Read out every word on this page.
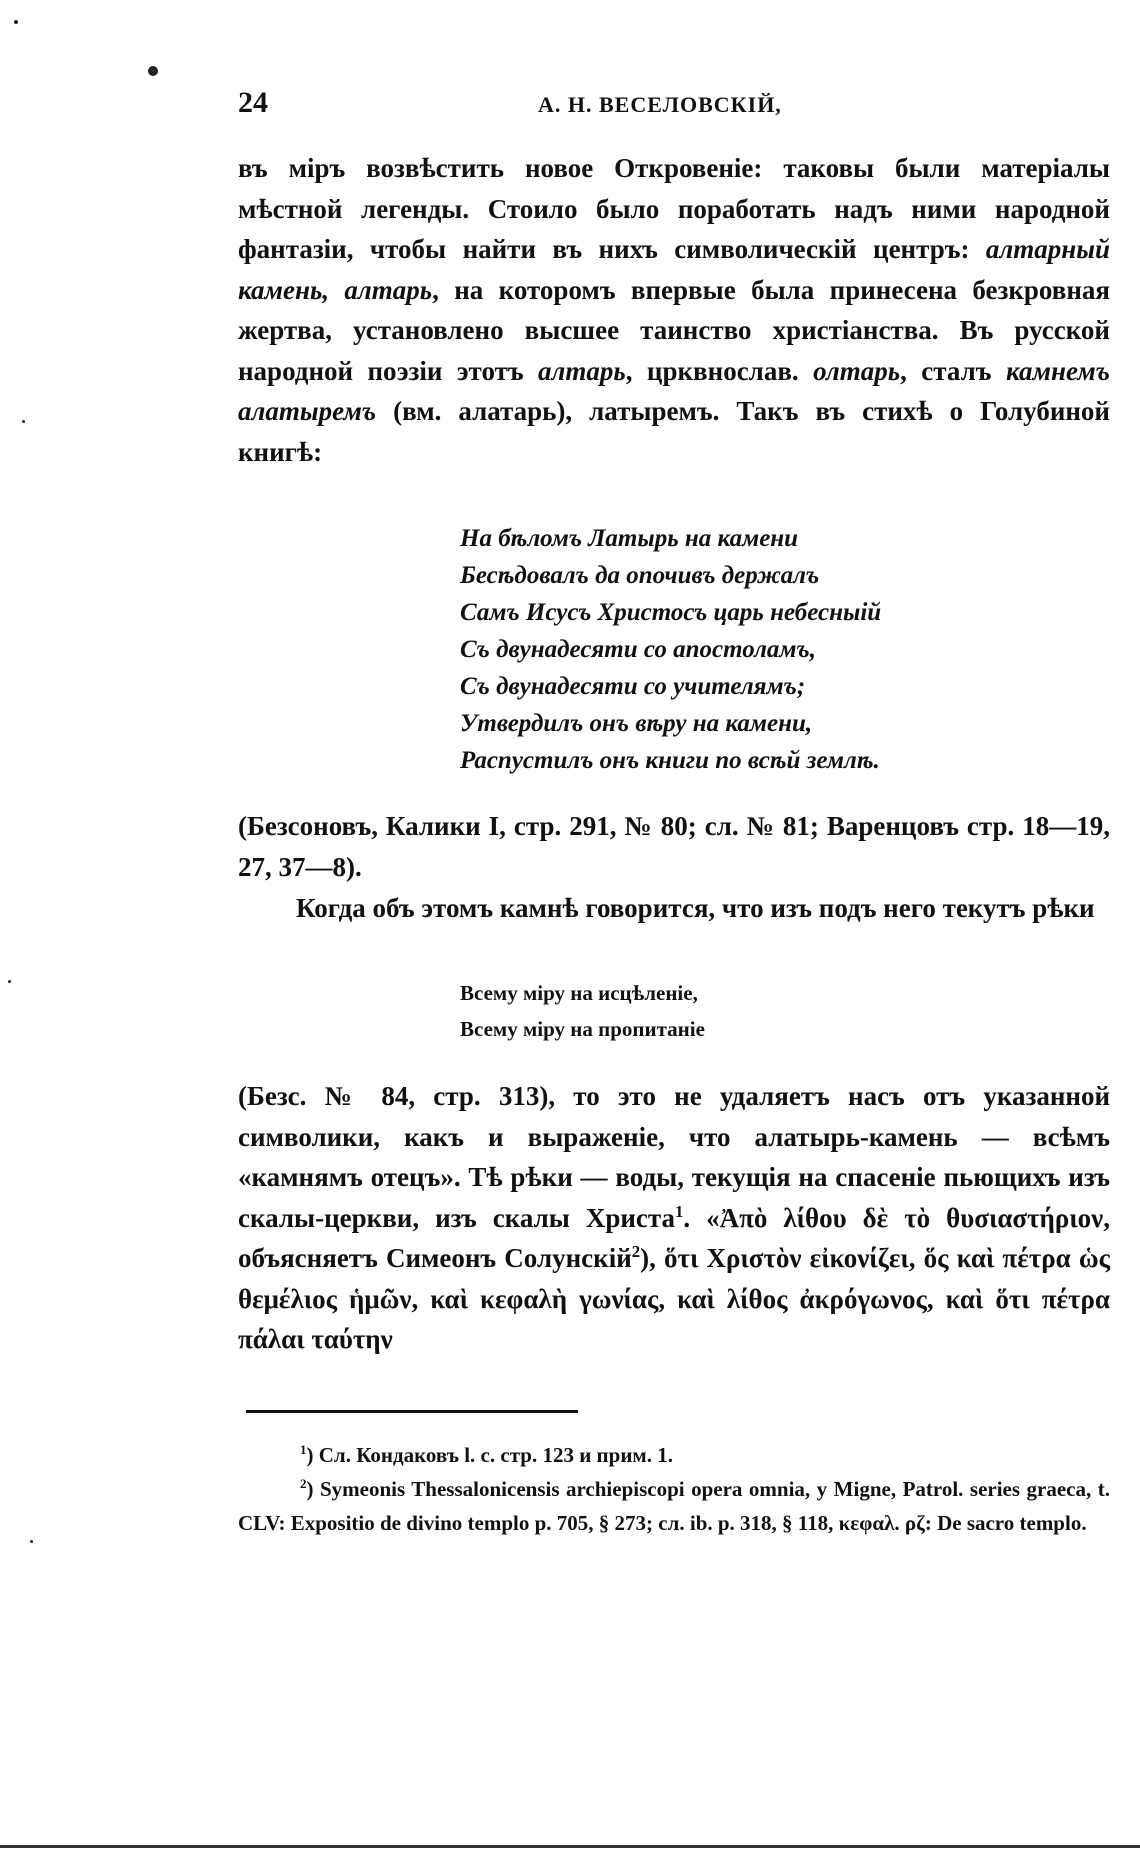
24	А. Н. ВЕСЕЛОВСКІЙ,

въ міръ возвѣстить новое Откровеніе: таковы были матеріалы мѣстной легенды. Стоило было поработать надъ ними народной фантазіи, чтобы найти въ нихъ символическій центръ: алтарный камень, алтарь, на которомъ впервые была принесена безкровная жертва, установлено высшее таинство христіанства. Въ русской народной поэзіи этотъ алтарь, црквнослав. олтарь, сталъ камнемъ алатыремъ (вм. алатарь), латыремъ. Такъ въ стихѣ о Голубиной книгѣ:

На бѣломъ Латырь на камени
Бесѣдовалъ да опочивъ держалъ
Самъ Исусъ Христосъ царь небесныій
Съ двунадесяти со апостоламъ,
Съ двунадесяти со учителямъ;
Утвердилъ онъ вѣру на камени,
Распустилъ онъ книги по всѣй землѣ.

(Безсоновъ, Калики I, стр. 291, № 80; сл. № 81; Варенцовъ стр. 18—19, 27, 37—8).

Когда объ этомъ камнѣ говорится, что изъ подъ него текутъ рѣки

Всему міру на исцѣленіе,
Всему міру на пропитаніе

(Безс. № 84, стр. 313), то это не удаляетъ насъ отъ указанной символики, какъ и выраженіе, что алатырь-камень — всѣмъ «камнямъ отецъ». Тѣ рѣки — воды, текущія на спасеніе пьющихъ изъ скалы-церкви, изъ скалы Христа$^1$. «Ἀπὸ λίθου δὲ τὸ θυσιαστήριον, объясняетъ Симеонъ Солунскій$^2$), ὅτι Χριστὸν εἰκονίζει, ὅς καὶ πέτρα ὡς θεμέλιος ἡμῶν, καὶ κεφαλὴ γωνίας, καὶ λίθος ἀκρόγωνος, καὶ ὅτι πέτρα πάλαι ταύτην

$^1$) Сл. Кондаковъ l. c. стр. 123 и прим. 1.

$^2$) Symeonis Thessalonicensis archiepiscopi opera omnia, y Migne, Patrol. series graeca, t. CLV: Expositio de divino templo p. 705, § 273; сл. ib. p. 318, § 118, κεφαλ. ρζ: De sacro templo.
